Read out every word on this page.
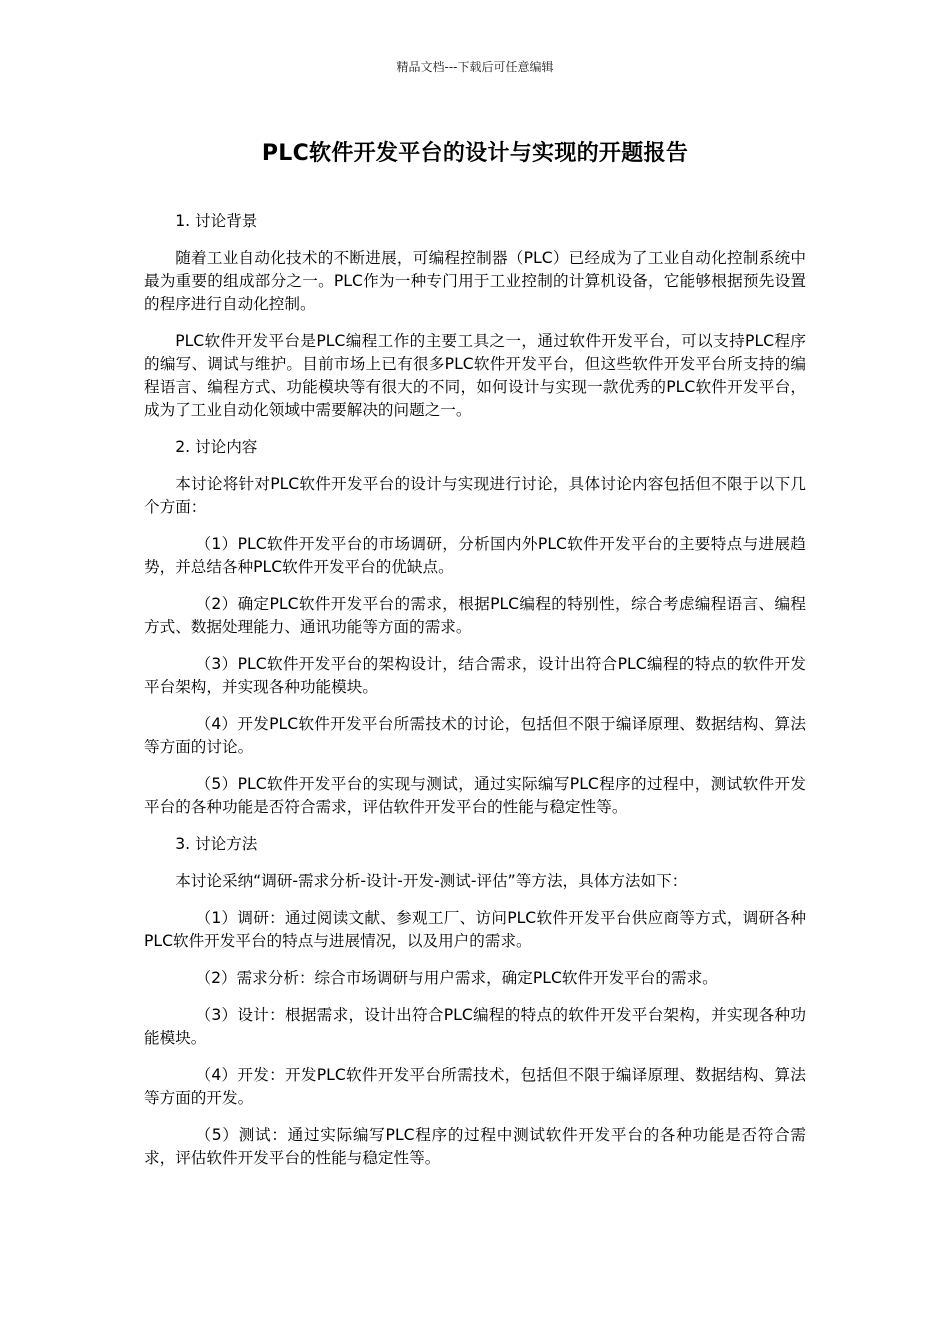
精品文档---下载后可任意编辑
PLC软件开发平台的设计与实现的开题报告
1. 讨论背景

随着工业自动化技术的不断进展，可编程控制器（PLC）已经成为了工业自动化控制系统中最为重要的组成部分之一。PLC作为一种专门用于工业控制的计算机设备，它能够根据预先设置的程序进行自动化控制。

PLC软件开发平台是PLC编程工作的主要工具之一，通过软件开发平台，可以支持PLC程序的编写、调试与维护。目前市场上已有很多PLC软件开发平台，但这些软件开发平台所支持的编程语言、编程方式、功能模块等有很大的不同，如何设计与实现一款优秀的PLC软件开发平台，成为了工业自动化领域中需要解决的问题之一。

2. 讨论内容

本讨论将针对PLC软件开发平台的设计与实现进行讨论，具体讨论内容包括但不限于以下几个方面：

（1）PLC软件开发平台的市场调研，分析国内外PLC软件开发平台的主要特点与进展趋势，并总结各种PLC软件开发平台的优缺点。

（2）确定PLC软件开发平台的需求，根据PLC编程的特别性，综合考虑编程语言、编程方式、数据处理能力、通讯功能等方面的需求。

（3）PLC软件开发平台的架构设计，结合需求，设计出符合PLC编程的特点的软件开发平台架构，并实现各种功能模块。

（4）开发PLC软件开发平台所需技术的讨论，包括但不限于编译原理、数据结构、算法等方面的讨论。

（5）PLC软件开发平台的实现与测试，通过实际编写PLC程序的过程中，测试软件开发平台的各种功能是否符合需求，评估软件开发平台的性能与稳定性等。

3. 讨论方法

本讨论采纳“调研-需求分析-设计-开发-测试-评估”等方法，具体方法如下：

（1）调研：通过阅读文献、参观工厂、访问PLC软件开发平台供应商等方式，调研各种PLC软件开发平台的特点与进展情况，以及用户的需求。

（2）需求分析：综合市场调研与用户需求，确定PLC软件开发平台的需求。

（3）设计：根据需求，设计出符合PLC编程的特点的软件开发平台架构，并实现各种功能模块。

（4）开发：开发PLC软件开发平台所需技术，包括但不限于编译原理、数据结构、算法等方面的开发。

（5）测试：通过实际编写PLC程序的过程中测试软件开发平台的各种功能是否符合需求，评估软件开发平台的性能与稳定性等。
